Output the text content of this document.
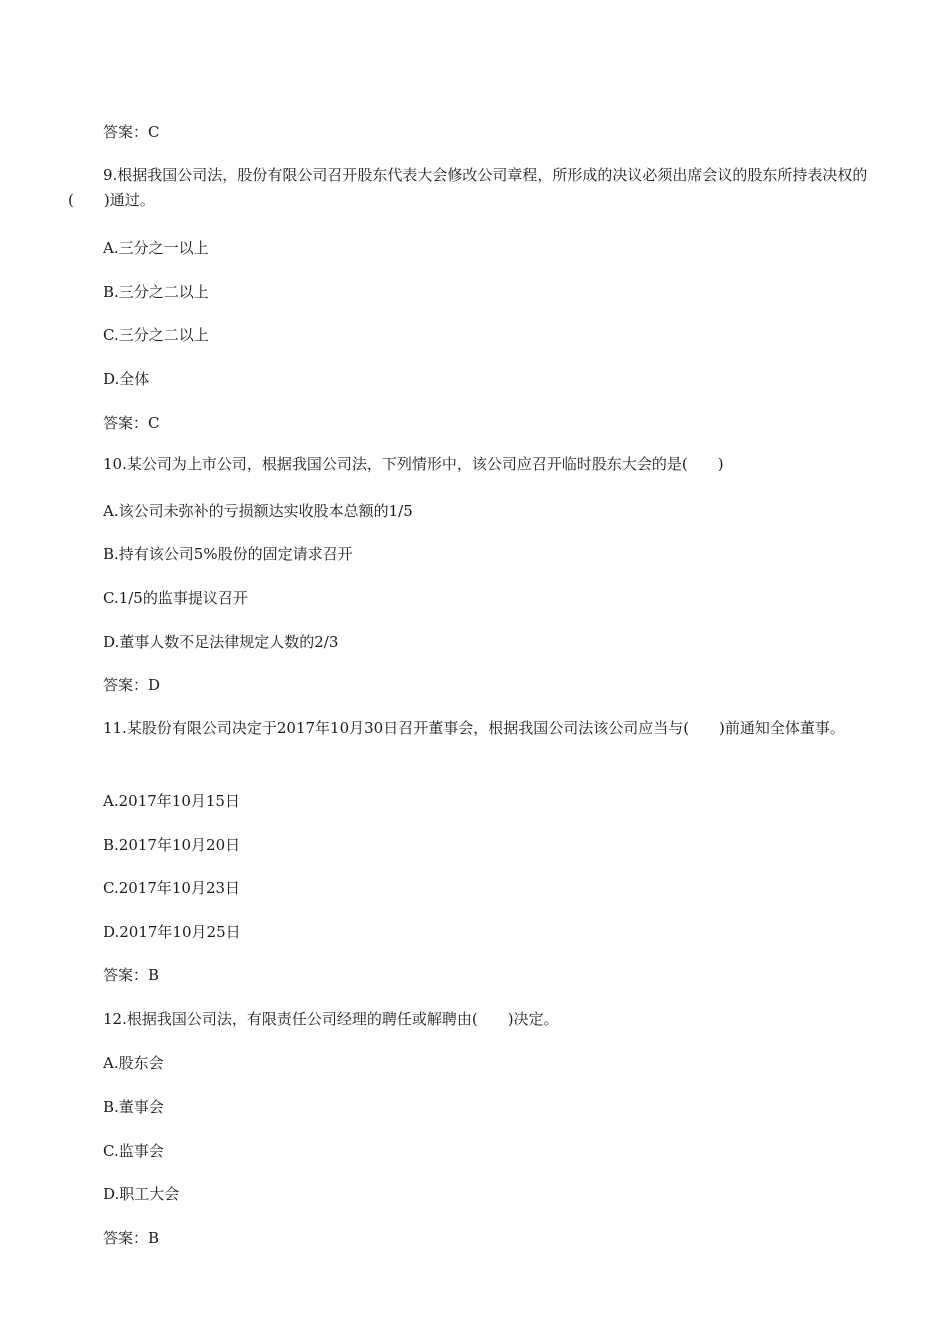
答案：C
9.根据我国公司法，股份有限公司召开股东代表大会修改公司章程，所形成的决议必须出席会议的股东所持表决权的(　　)通过。
A.三分之一以上
B.三分之二以上
C.三分之二以上
D.全体
答案：C
10.某公司为上市公司，根据我国公司法，下列情形中，该公司应召开临时股东大会的是(　　)
A.该公司未弥补的亏损额达实收股本总额的1/5
B.持有该公司5%股份的固定请求召开
C.1/5的监事提议召开
D.董事人数不足法律规定人数的2/3
答案：D
11.某股份有限公司决定于2017年10月30日召开董事会，根据我国公司法该公司应当与(　　)前通知全体董事。
A.2017年10月15日
B.2017年10月20日
C.2017年10月23日
D.2017年10月25日
答案：B
12.根据我国公司法，有限责任公司经理的聘任或解聘由(　　)决定。
A.股东会
B.董事会
C.监事会
D.职工大会
答案：B
